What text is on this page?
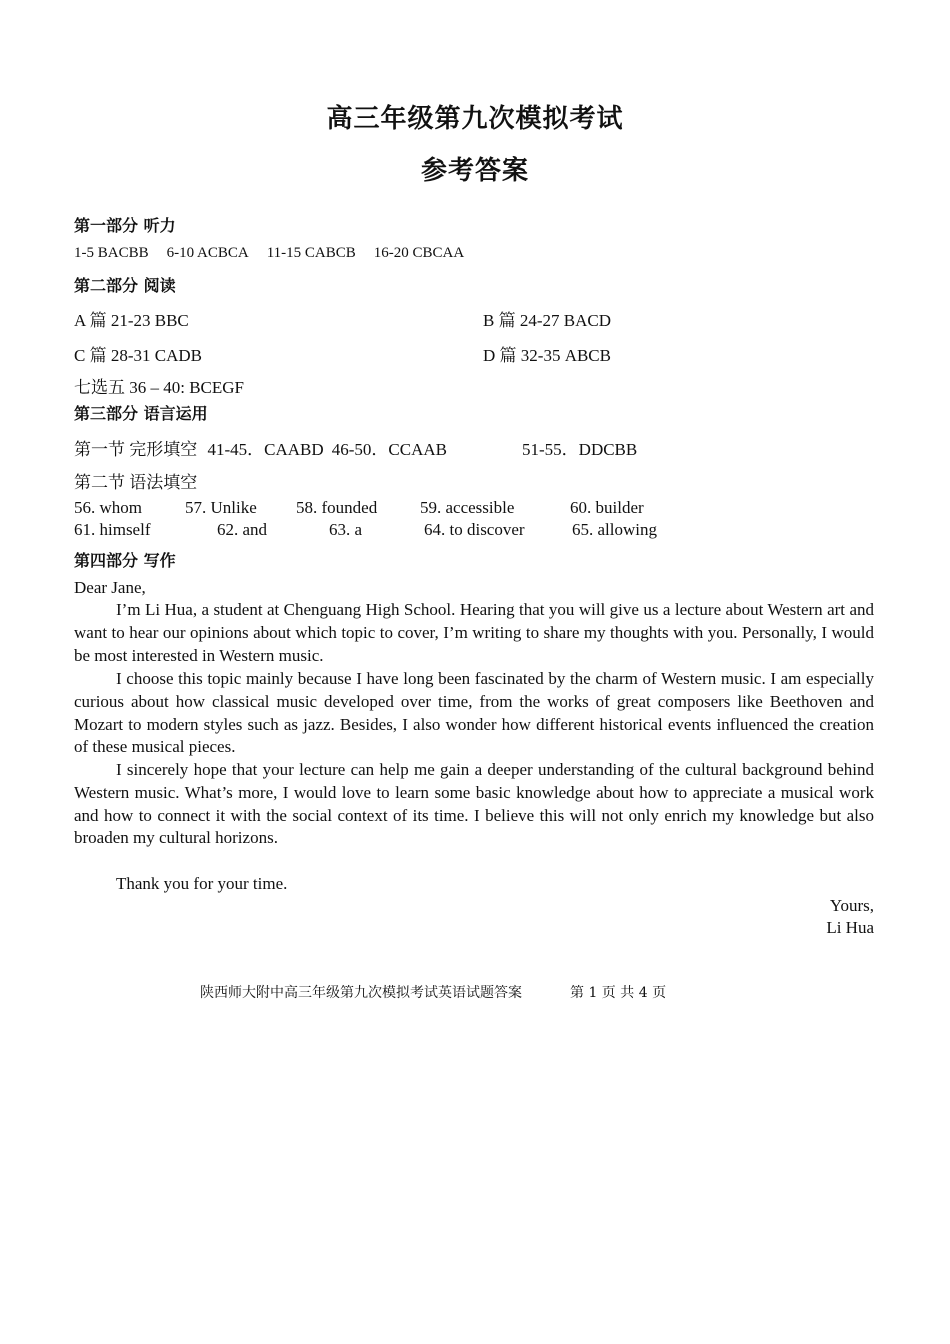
高三年级第九次模拟考试
参考答案
第一部分 听力
1-5 BACBB 6-10 ACBCA 11-15 CABCB 16-20 CBCAA
第二部分 阅读
A 篇 21-23 BBC	B 篇 24-27 BACD
C 篇 28-31 CADB	D 篇 32-35 ABCB
七选五 36 – 40: BCEGF
第三部分 语言运用
第一节 完形填空 41-45．CAABD 46-50．CCAAB	51-55．DDCBB
第二节 语法填空
56. whom	57. Unlike 58. founded	59. accessible	60. builder
61. himself	62. and	63. a	64. to discover	65. allowing
第四部分 写作
Dear Jane,
I’m Li Hua, a student at Chenguang High School. Hearing that you will give us a lecture about Western art and want to hear our opinions about which topic to cover, I’m writing to share my thoughts with you. Personally, I would be most interested in Western music.
I choose this topic mainly because I have long been fascinated by the charm of Western music. I am especially curious about how classical music developed over time, from the works of great composers like Beethoven and Mozart to modern styles such as jazz. Besides, I also wonder how different historical events influenced the creation of these musical pieces.
I sincerely hope that your lecture can help me gain a deeper understanding of the cultural background behind Western music. What’s more, I would love to learn some basic knowledge about how to appreciate a musical work and how to connect it with the social context of its time. I believe this will not only enrich my knowledge but also broaden my cultural horizons.
Thank you for your time.
Yours,
Li Hua
陕西师大附中高三年级第九次模拟考试英语试题答案	第 1 页 共 4 页
